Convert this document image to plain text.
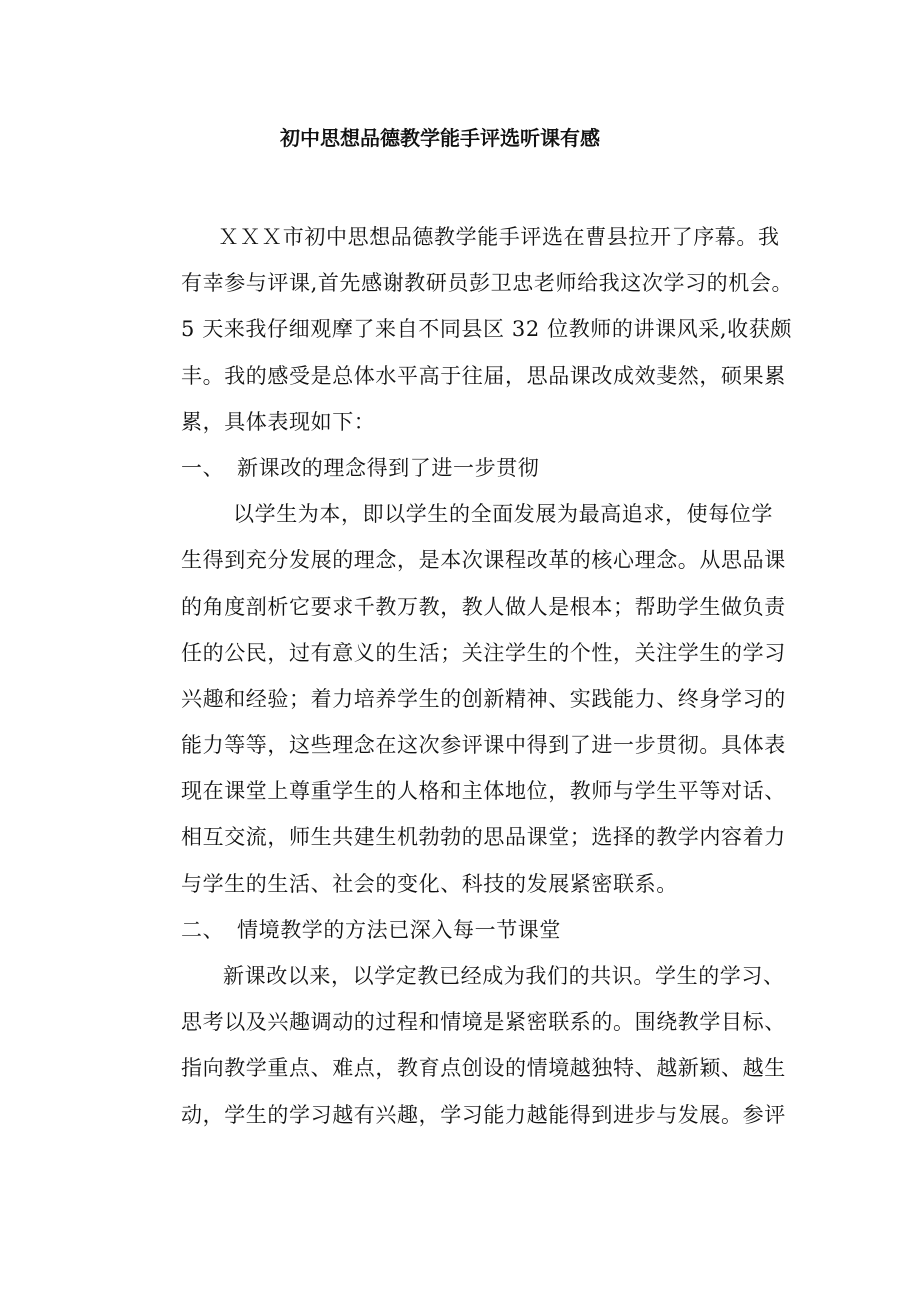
初中思想品德教学能手评选听课有感
ＸＸＸ市初中思想品德教学能手评选在曹县拉开了序幕。我
有幸参与评课,首先感谢教研员彭卫忠老师给我这次学习的机会。
5 天来我仔细观摩了来自不同县区 32 位教师的讲课风采,收获颇
丰。我的感受是总体水平高于往届，思品课改成效斐然，硕果累
累，具体表现如下：
一、 新课改的理念得到了进一步贯彻
以学生为本，即以学生的全面发展为最高追求，使每位学
生得到充分发展的理念，是本次课程改革的核心理念。从思品课
的角度剖析它要求千教万教，教人做人是根本；帮助学生做负责
任的公民，过有意义的生活；关注学生的个性，关注学生的学习
兴趣和经验；着力培养学生的创新精神、实践能力、终身学习的
能力等等，这些理念在这次参评课中得到了进一步贯彻。具体表
现在课堂上尊重学生的人格和主体地位，教师与学生平等对话、
相互交流，师生共建生机勃勃的思品课堂；选择的教学内容着力
与学生的生活、社会的变化、科技的发展紧密联系。
二、 情境教学的方法已深入每一节课堂
新课改以来，以学定教已经成为我们的共识。学生的学习、
思考以及兴趣调动的过程和情境是紧密联系的。围绕教学目标、
指向教学重点、难点，教育点创设的情境越独特、越新颖、越生
动，学生的学习越有兴趣，学习能力越能得到进步与发展。参评
